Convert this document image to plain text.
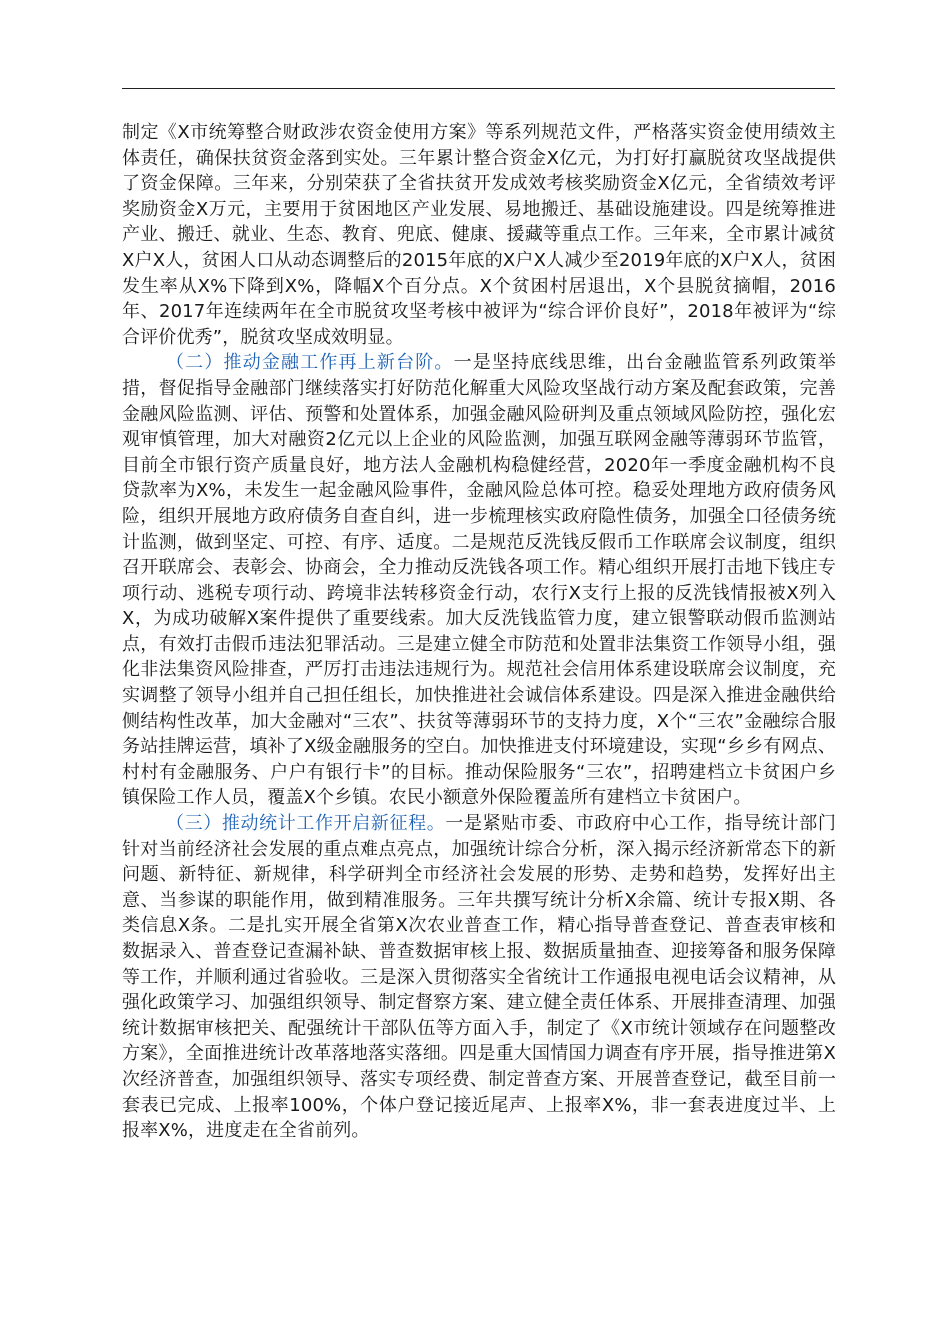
制定《X市统筹整合财政涉农资金使用方案》等系列规范文件，严格落实资金使用绩效主体责任，确保扶贫资金落到实处。三年累计整合资金X亿元，为打好打赢脱贫攻坚战提供了资金保障。三年来，分别荣获了全省扶贫开发成效考核奖励资金X亿元，全省绩效考评奖励资金X万元，主要用于贫困地区产业发展、易地搬迁、基础设施建设。四是统筹推进产业、搬迁、就业、生态、教育、兜底、健康、援藏等重点工作。三年来，全市累计减贫X户X人，贫困人口从动态调整后的2015年底的X户X人减少至2019年底的X户X人，贫困发生率从X%下降到X%，降幅X个百分点。X个贫困村居退出，X个县脱贫摘帽，2016年、2017年连续两年在全市脱贫攻坚考核中被评为“综合评价良好”，2018年被评为“综合评价优秀”，脱贫攻坚成效明显。

（二）推动金融工作再上新台阶。一是坚持底线思维，出台金融监管系列政策举措，督促指导金融部门继续落实打好防范化解重大风险攻坚战行动方案及配套政策，完善金融风险监测、评估、预警和处置体系，加强金融风险研判及重点领域风险防控，强化宏观审慎管理，加大对融资2亿元以上企业的风险监测，加强互联网金融等薄弱环节监管，目前全市银行资产质量良好，地方法人金融机构稳健经营，2020年一季度金融机构不良贷款率为X%，未发生一起金融风险事件，金融风险总体可控。稳妥处理地方政府债务风险，组织开展地方政府债务自查自纠，进一步梳理核实政府隐性债务，加强全口径债务统计监测，做到坚定、可控、有序、适度。二是规范反洗钱反假币工作联席会议制度，组织召开联席会、表彰会、协商会，全力推动反洗钱各项工作。精心组织开展打击地下钱庄专项行动、逃税专项行动、跨境非法转移资金行动，农行X支行上报的反洗钱情报被X列入X，为成功破解X案件提供了重要线索。加大反洗钱监管力度，建立银警联动假币监测站点，有效打击假币违法犯罪活动。三是建立健全市防范和处置非法集资工作领导小组，强化非法集资风险排查，严厉打击违法违规行为。规范社会信用体系建设联席会议制度，充实调整了领导小组并自己担任组长，加快推进社会诚信体系建设。四是深入推进金融供给侧结构性改革，加大金融对“三农”、扶贫等薄弱环节的支持力度，X个“三农”金融综合服务站挂牌运营，填补了X级金融服务的空白。加快推进支付环境建设，实现“乡乡有网点、村村有金融服务、户户有银行卡”的目标。推动保险服务“三农”，招聘建档立卡贫困户乡镇保险工作人员，覆盖X个乡镇。农民小额意外保险覆盖所有建档立卡贫困户。

（三）推动统计工作开启新征程。一是紧贴市委、市政府中心工作，指导统计部门针对当前经济社会发展的重点难点亮点，加强统计综合分析，深入揭示经济新常态下的新问题、新特征、新规律，科学研判全市经济社会发展的形势、走势和趋势，发挥好出主意、当参谋的职能作用，做到精准服务。三年共撰写统计分析X余篇、统计专报X期、各类信息X条。二是扎实开展全省第X次农业普查工作，精心指导普查登记、普查表审核和数据录入、普查登记查漏补缺、普查数据审核上报、数据质量抽查、迎接筹备和服务保障等工作，并顺利通过省验收。三是深入贯彻落实全省统计工作通报电视电话会议精神，从强化政策学习、加强组织领导、制定督察方案、建立健全责任体系、开展排查清理、加强统计数据审核把关、配强统计干部队伍等方面入手，制定了《X市统计领域存在问题整改方案》，全面推进统计改革落地落实落细。四是重大国情国力调查有序开展，指导推进第X次经济普查，加强组织领导、落实专项经费、制定普查方案、开展普查登记，截至目前一套表已完成、上报率100%，个体户登记接近尾声、上报率X%，非一套表进度过半、上报率X%，进度走在全省前列。
